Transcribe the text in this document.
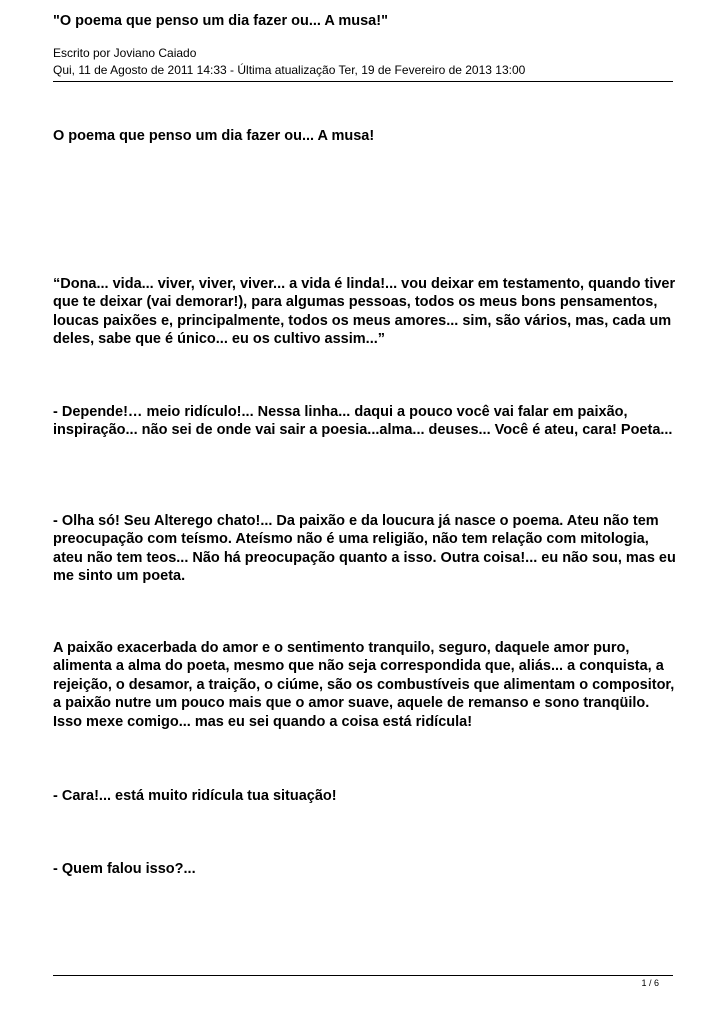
"O poema que penso um dia fazer ou... A musa!"
Escrito por Joviano Caiado
Qui, 11 de Agosto de 2011 14:33 - Última atualização Ter, 19 de Fevereiro de 2013 13:00
O poema que penso um dia fazer ou... A musa!

“Dona... vida... viver, viver, viver... a vida é linda!... vou deixar em testamento, quando tiver que te deixar (vai demorar!), para algumas pessoas, todos os meus bons pensamentos, loucas paixões e, principalmente, todos os meus amores... sim, são vários, mas, cada um deles, sabe que é único... eu os cultivo assim...”

- Depende!… meio ridículo!... Nessa linha... daqui a pouco você vai falar em paixão, inspiração... não sei de onde vai sair a poesia...alma... deuses... Você é ateu, cara! Poeta...

- Olha só! Seu Alterego chato!... Da paixão e da loucura já nasce o poema. Ateu não tem preocupação com teísmo. Ateísmo não é uma religião, não tem relação com mitologia, ateu não tem teos... Não há preocupação quanto a isso. Outra coisa!... eu não sou, mas eu me sinto um poeta.

A paixão exacerbada do amor e o sentimento tranquilo, seguro, daquele amor puro, alimenta a alma do poeta, mesmo que não seja correspondida que, aliás... a conquista, a rejeição, o desamor, a traição, o ciúme, são os combustíveis que alimentam o compositor, a paixão nutre um pouco mais que o amor suave, aquele de remanso e sono tranqüilo. Isso mexe comigo... mas eu sei quando a coisa está ridícula!

- Cara!... está muito ridícula tua situação!

- Quem falou isso?...

1 / 6
